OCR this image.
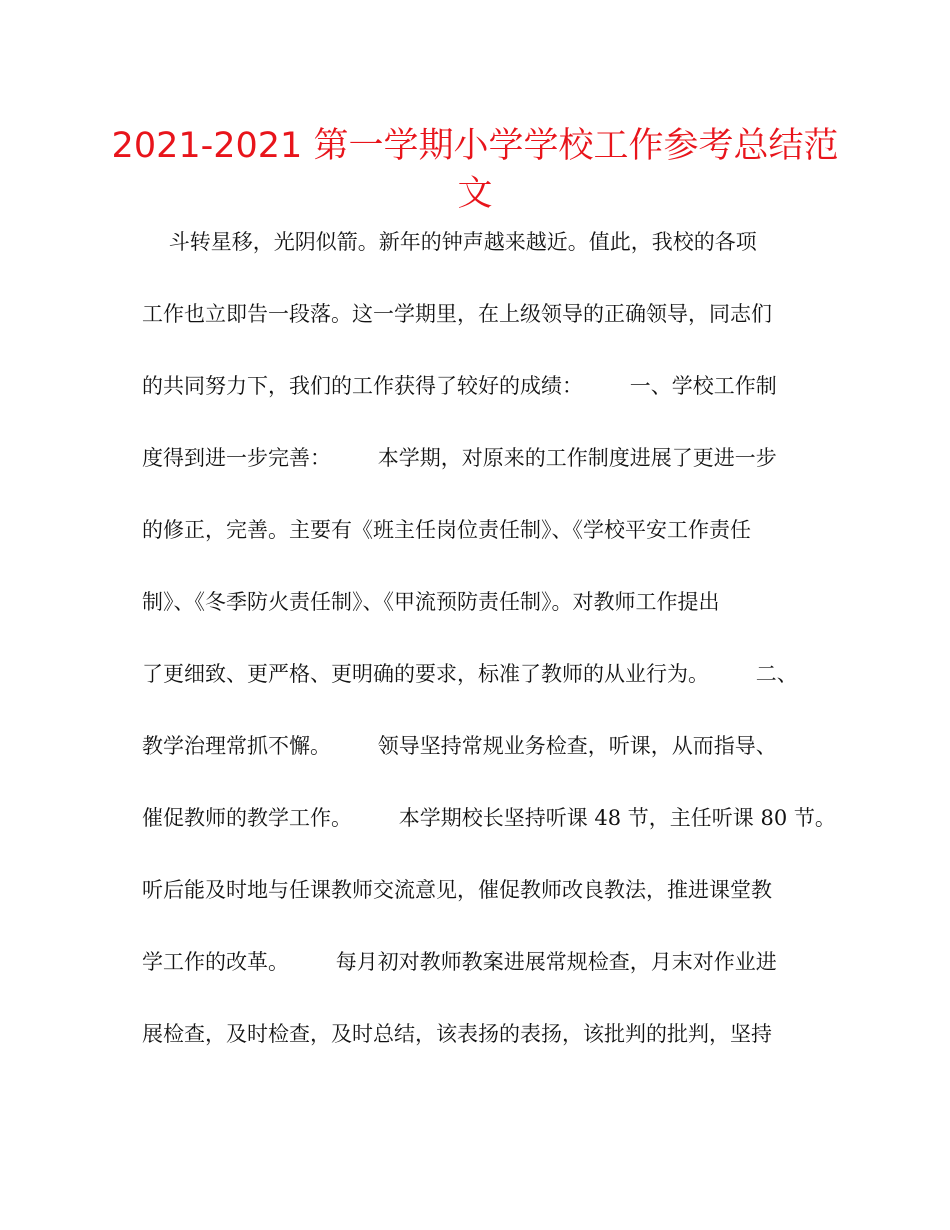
2021-2021 第一学期小学学校工作参考总结范文

斗转星移，光阴似箭。新年的钟声越来越近。值此，我校的各项

工作也立即告一段落。这一学期里，在上级领导的正确领导，同志们

的共同努力下，我们的工作获得了较好的成绩：       一、学校工作制

度得到进一步完善：       本学期，对原来的工作制度进展了更进一步

的修正，完善。主要有《班主任岗位责任制》、《学校平安工作责任

制》、《冬季防火责任制》、《甲流预防责任制》。对教师工作提出

了更细致、更严格、更明确的要求，标准了教师的从业行为。       二、

教学治理常抓不懈。       领导坚持常规业务检查，听课，从而指导、

催促教师的教学工作。       本学期校长坚持听课 48 节，主任听课 80 节。

听后能及时地与任课教师交流意见，催促教师改良教法，推进课堂教

学工作的改革。       每月初对教师教案进展常规检查，月末对作业进

展检查，及时检查，及时总结，该表扬的表扬，该批判的批判，坚持
